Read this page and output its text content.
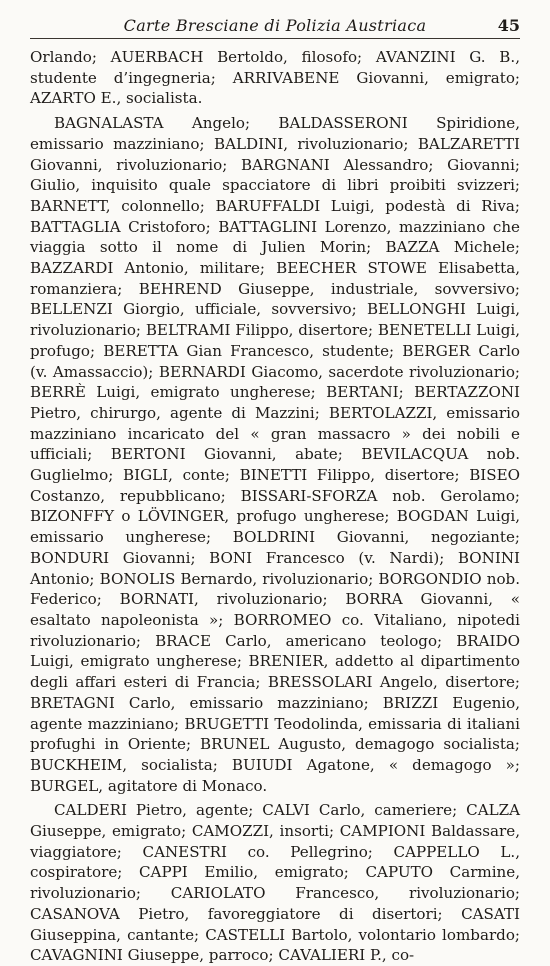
Carte Bresciane di Polizia Austriaca	45

Orlando; AUERBACH Bertoldo, filosofo; AVANZINI G. B., studente d’ingegneria; ARRIVABENE Giovanni, emigrato; AZARTO E., socialista.

BAGNALASTA Angelo; BALDASSERONI Spiridione, emissario mazziniano; BALDINI, rivoluzionario; BALZARETTI Giovanni, rivoluzionario; BARGNANI Alessandro; Giovanni; Giulio, inquisito quale spacciatore di libri proibiti svizzeri; BARNETT, colonnello; BARUFFALDI Luigi, podestà di Riva; BATTAGLIA Cristoforo; BATTAGLINI Lorenzo, mazziniano che viaggia sotto il nome di Julien Morin; BAZZA Michele; BAZZARDI Antonio, militare; BEECHER STOWE Elisabetta, romanziera; BEHREND Giuseppe, industriale, sovversivo; BELLENZI Giorgio, ufficiale, sovversivo; BELLONGHI Luigi, rivoluzionario; BELTRAMI Filippo, disertore; BENETELLI Luigi, profugo; BERETTA Gian Francesco, studente; BERGER Carlo (v. Amassaccio); BERNARDI Giacomo, sacerdote rivoluzionario; BERRÈ Luigi, emigrato ungherese; BERTANI; BERTAZZONI Pietro, chirurgo, agente di Mazzini; BERTOLAZZI, emissario mazziniano incaricato del « gran massacro » dei nobili e ufficiali; BERTONI Giovanni, abate; BEVILACQUA nob. Guglielmo; BIGLI, conte; BINETTI Filippo, disertore; BISEO Costanzo, repubblicano; BISSARI-SFORZA nob. Gerolamo; BIZONFFY o LÖVINGER, profugo ungherese; BOGDAN Luigi, emissario ungherese; BOLDRINI Giovanni, negoziante; BONDURI Giovanni; BONI Francesco (v. Nardi); BONINI Antonio; BONOLIS Bernardo, rivoluzionario; BORGONDIO nob. Federico; BORNATI, rivoluzionario; BORRA Giovanni, « esaltato napoleonista »; BORROMEO co. Vitaliano, nipotedi rivoluzionario; BRACE Carlo, americano teologo; BRAIDO Luigi, emigrato ungherese; BRENIER, addetto al dipartimento degli affari esteri di Francia; BRESSOLARI Angelo, disertore; BRETAGNI Carlo, emissario mazziniano; BRIZZI Eugenio, agente mazziniano; BRUGETTI Teodolinda, emissaria di italiani profughi in Oriente; BRUNEL Augusto, demagogo socialista; BUCKHEIM, socialista; BUIUDI Agatone, « demagogo »; BURGEL, agitatore di Monaco.

CALDERI Pietro, agente; CALVI Carlo, cameriere; CALZA Giuseppe, emigrato; CAMOZZI, insorti; CAMPIONI Baldassare, viaggiatore; CANESTRI co. Pellegrino; CAPPELLO L., cospiratore; CAPPI Emilio, emigrato; CAPUTO Carmine, rivoluzionario; CARIOLATO Francesco, rivoluzionario; CASANOVA Pietro, favoreggiatore di disertori; CASATI Giuseppina, cantante; CASTELLI Bartolo, volontario lombardo; CAVAGNINI Giuseppe, parroco; CAVALIERI P., co-
